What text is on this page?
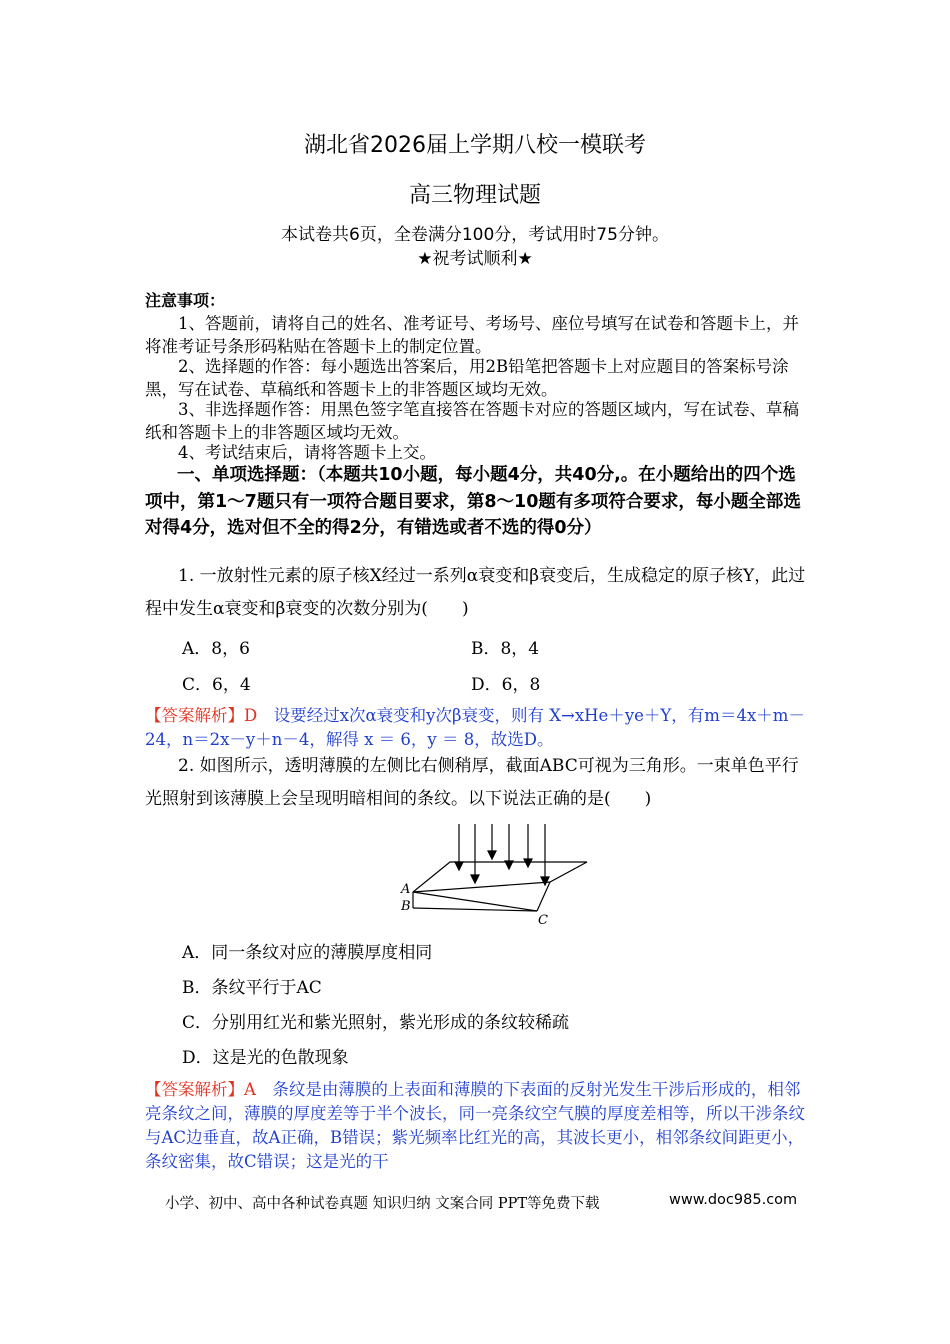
湖北省2026届上学期八校一模联考
高三物理试题
本试卷共6页，全卷满分100分，考试用时75分钟。
★祝考试顺利★
注意事项：

1、答题前，请将自己的姓名、准考证号、考场号、座位号填写在试卷和答题卡上，并将准考证号条形码粘贴在答题卡上的制定位置。

2、选择题的作答：每小题选出答案后，用2B铅笔把答题卡上对应题目的答案标号涂黑，写在试卷、草稿纸和答题卡上的非答题区域均无效。

3、非选择题作答：用黑色签字笔直接答在答题卡对应的答题区域内，写在试卷、草稿纸和答题卡上的非答题区域均无效。

4、考试结束后，请将答题卡上交。

一、单项选择题：（本题共10小题，每小题4分，共40分,。在小题给出的四个选项中，第1～7题只有一项符合题目要求，第8～10题有多项符合要求，每小题全部选对得4分，选对但不全的得2分，有错选或者不选的得0分）

1. 一放射性元素的原子核X经过一系列α衰变和β衰变后，生成稳定的原子核Y，此过程中发生α衰变和β衰变的次数分别为(　　)

A．8，6	B．8，4
C．6，4	D．6，8

【答案解析】D　 设要经过x次α衰变和y次β衰变，则有 X→xHe＋ye＋Y，有m＝4x＋m－24，n＝2x－y＋n－4，解得 x ＝ 6，y ＝ 8，故选D。

2. 如图所示，透明薄膜的左侧比右侧稍厚，截面ABC可视为三角形。一束单色平行光照射到该薄膜上会呈现明暗相间的条纹。以下说法正确的是(　　)

A
B
C
A．同一条纹对应的薄膜厚度相同
B．条纹平行于AC
C．分别用红光和紫光照射，紫光形成的条纹较稀疏
D．这是光的色散现象

【答案解析】A　 条纹是由薄膜的上表面和薄膜的下表面的反射光发生干涉后形成的，相邻亮条纹之间，薄膜的厚度差等于半个波长，同一亮条纹空气膜的厚度差相等，所以干涉条纹与AC边垂直，故A正确，B错误；紫光频率比红光的高，其波长更小，相邻条纹间距更小，条纹密集，故C错误；这是光的干

小学、初中、高中各种试卷真题 知识归纳 文案合同 PPT等免费下载	www.doc985.com
